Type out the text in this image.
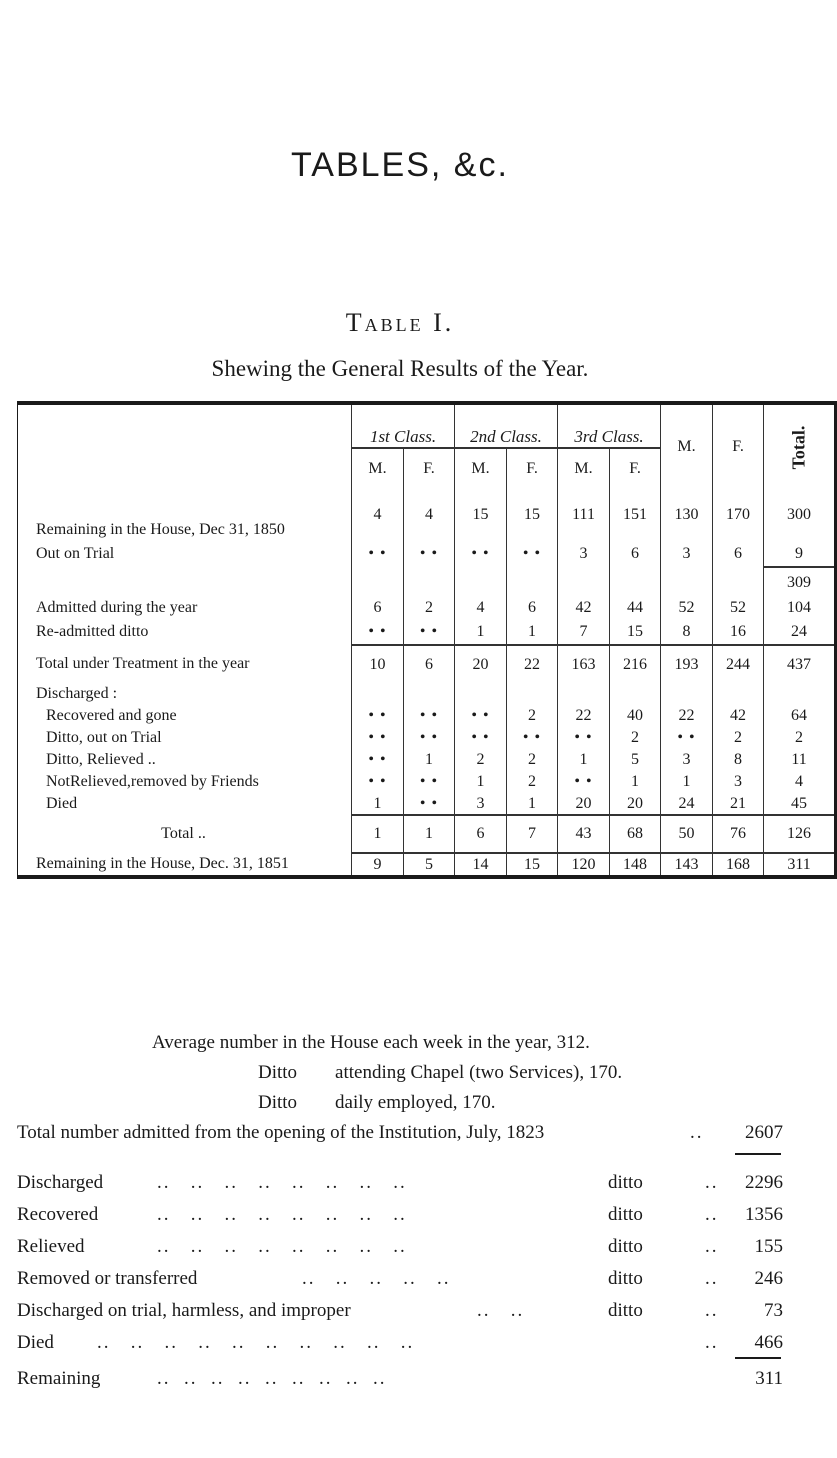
TABLES, &c.
Table I.

Shewing the General Results of the Year.

	1st Class.		2nd Class.		3rd Class.		M.	F.	Total.
	M.	F.	M.	F.	M.	F.			
Remaining in the House, Dec 31, 1850	4	4	15	15	111	151	130	170	300
Out on Trial	• •	• •	• •	• •	3	6	3	6	9
									309
Admitted during the year	6	2	4	6	42	44	52	52	104
Re-admitted ditto	• •	• •	1	1	7	15	8	16	24
Total under Treatment in the year	10	6	20	22	163	216	193	244	437
Discharged :									
Recovered and gone	• •	• •	• •	2	22	40	22	42	64
Ditto, out on Trial	• •	• •	• •	• •	• •	2	• •	2	2
Ditto, Relieved ..	• •	1	2	2	1	5	3	8	11
NotRelieved,removed by Friends	• •	• •	1	2	• •	1	1	3	4
Died	1	• •	3	1	20	20	24	21	45
Total ..	1	1	6	7	43	68	50	76	126
Remaining in the House, Dec. 31, 1851	9	5	14	15	120	148	143	168	311
Average number in the House each week in the year, 312.
Ditto        attending Chapel (two Services), 170.
Ditto        daily employed, 170.
Total number admitted from the opening of the Institution, July, 1823	.. 2607
Discharged	..   ..   ..   ..   ..   ..   ..   ..	ditto	.. 2296
Recovered	..   ..   ..   ..   ..   ..   ..   ..	ditto	.. 1356
Relieved	..   ..   ..   ..   ..   ..   ..   ..	ditto	.. 155
Removed or transferred	..   ..   ..   ..   ..	ditto	.. 246
Discharged on trial, harmless, and improper	..   ..	ditto	.. 73
Died ..   ..   ..   ..   ..   ..   ..   ..   ..   ..	.. 466
Remaining	..  ..  ..  ..  ..  ..  ..  ..  ..	311
